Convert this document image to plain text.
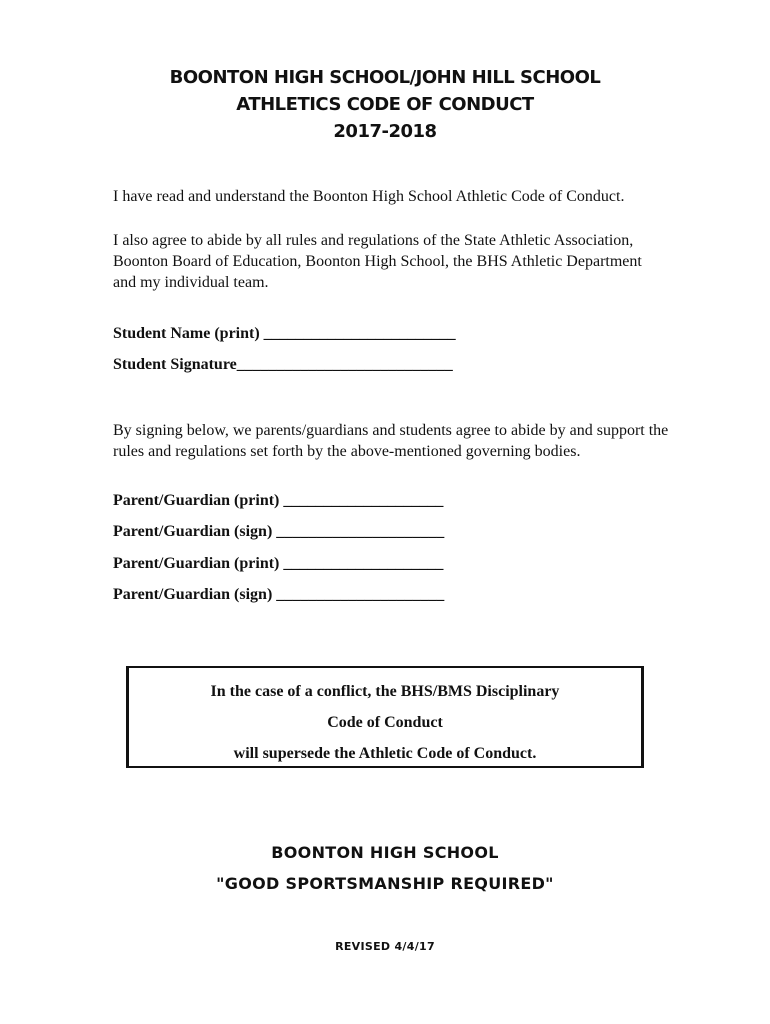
BOONTON HIGH SCHOOL/JOHN HILL SCHOOL
ATHLETICS CODE OF CONDUCT
2017-2018
I have read and understand the Boonton High School Athletic Code of Conduct.
I also agree to abide by all rules and regulations of the State Athletic Association,
Boonton Board of Education, Boonton High School, the BHS Athletic Department
and my individual team.
Student Name (print) ________________________
Student Signature___________________________
By signing below, we parents/guardians and students agree to abide by and support the
rules and regulations set forth by the above-mentioned governing bodies.
Parent/Guardian (print) ____________________
Parent/Guardian (sign) _____________________
Parent/Guardian (print) ____________________
Parent/Guardian (sign) _____________________
In the case of a conflict, the BHS/BMS Disciplinary
Code of Conduct
will supersede the Athletic Code of Conduct.
BOONTON HIGH SCHOOL
"GOOD SPORTSMANSHIP REQUIRED"
REVISED 4/4/17
